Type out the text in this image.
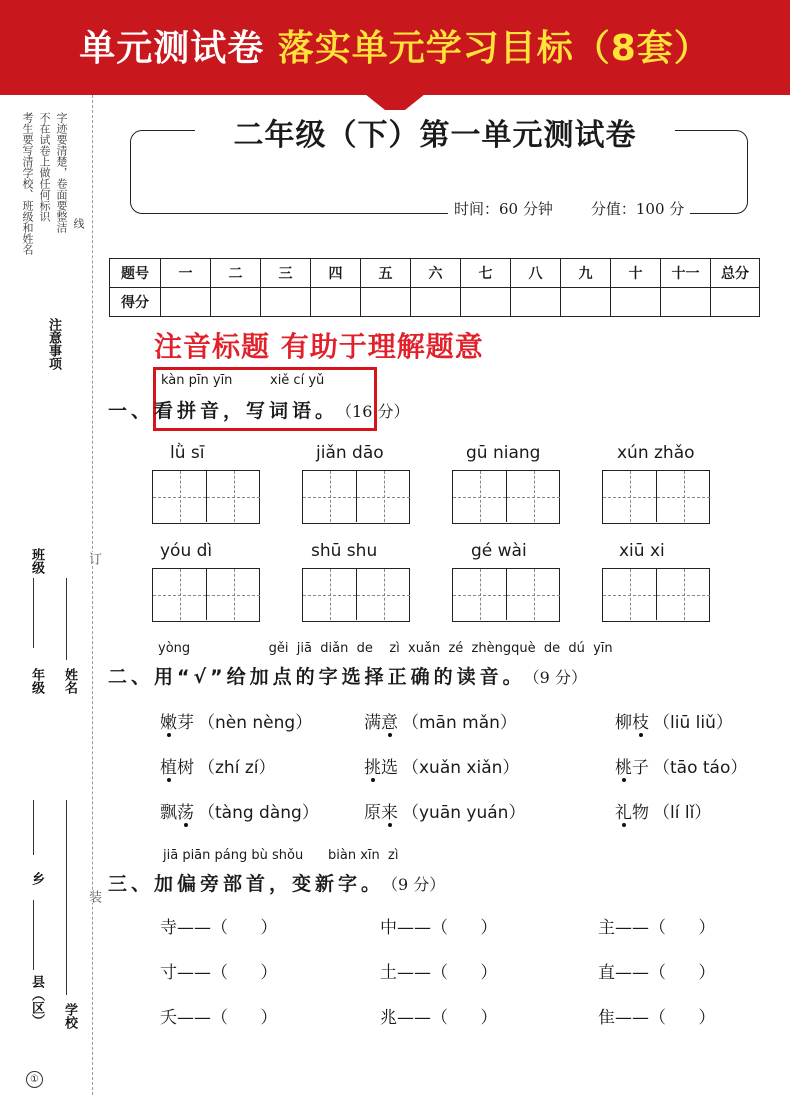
单元测试卷 落实单元学习目标（8套）
考生要写清学校、班级和姓名 不在试卷上做任何标识 字迹要清楚，卷面要整洁 线
注意事项
订
装
班级
年级 姓名
乡
县（区） 学校
①
二年级（下）第一单元测试卷
时间：60 分钟	分值：100 分
题号	一	二	三	四	五	六	七	八	九	十	十一	总分
得分												
注音标题 有助于理解题意
kàn pīn yīn	xiě cí yǔ
一、看拼音，写词语。 （16 分）
lǜ sī	jiǎn dāo	gū niang	xún zhǎo
yóu dì	shū shu	gé wài	xiū xi
yòng                   gěi  jiā  diǎn  de    zì  xuǎn  zé  zhèngquè  de  dú  yīn
二、用“√”给加点的字选择正确的读音。 （9 分）
嫩芽 （nèn nèng）	满意 （mān mǎn）	柳枝 （liū liǔ）
植树 （zhí zí）	挑选 （xuǎn xiǎn）	桃子 （tāo táo）
飘荡 （tàng dàng）	原来 （yuān yuán）	礼物 （lí lǐ）
jiā piān páng bù shǒu      biàn xīn  zì
三、加偏旁部首，变新字。 （9 分）
寺——（      ）	中——（      ）	主——（      ）
寸——（      ）	土——（      ）	直——（      ）
夭——（      ）	兆——（      ）	隹——（      ）
